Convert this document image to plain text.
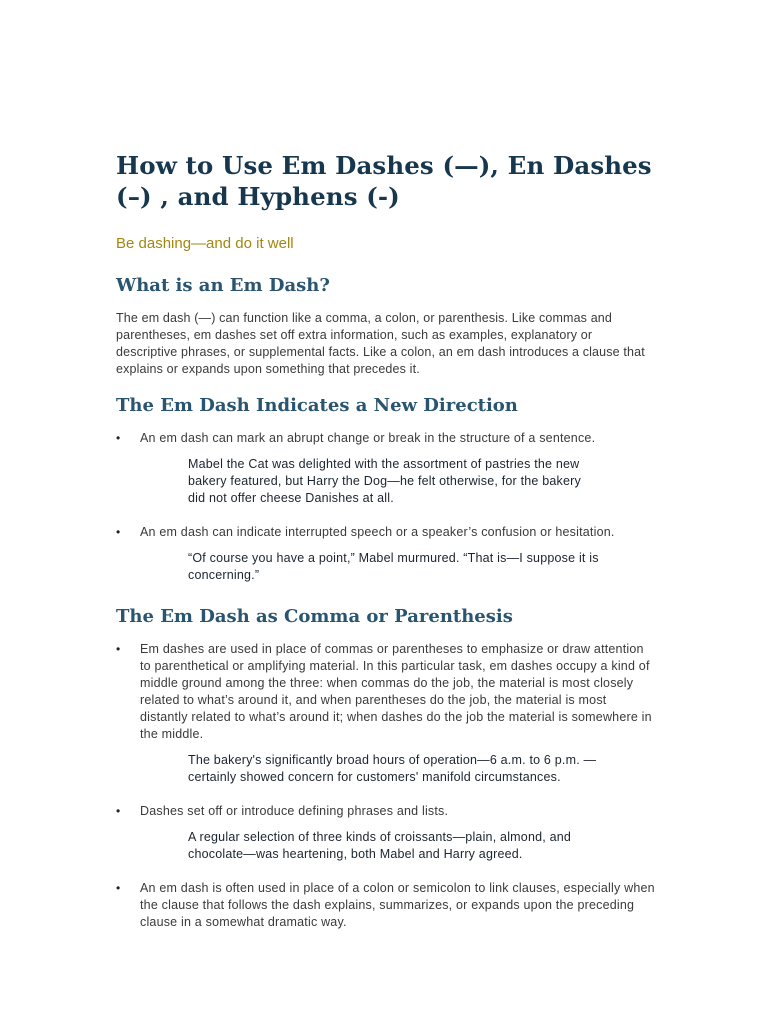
How to Use Em Dashes (—), En Dashes (–) , and Hyphens (-)

Be dashing—and do it well

What is an Em Dash?

The em dash (—) can function like a comma, a colon, or parenthesis. Like commas and parentheses, em dashes set off extra information, such as examples, explanatory or descriptive phrases, or supplemental facts. Like a colon, an em dash introduces a clause that explains or expands upon something that precedes it.

The Em Dash Indicates a New Direction
• An em dash can mark an abrupt change or break in the structure of a sentence.
Mabel the Cat was delighted with the assortment of pastries the new bakery featured, but Harry the Dog—he felt otherwise, for the bakery did not offer cheese Danishes at all.
• An em dash can indicate interrupted speech or a speaker’s confusion or hesitation.
“Of course you have a point,” Mabel murmured. “That is—I suppose it is concerning.”
The Em Dash as Comma or Parenthesis
• Em dashes are used in place of commas or parentheses to emphasize or draw attention to parenthetical or amplifying material. In this particular task, em dashes occupy a kind of middle ground among the three: when commas do the job, the material is most closely related to what’s around it, and when parentheses do the job, the material is most distantly related to what’s around it; when dashes do the job the material is somewhere in the middle.
The bakery's significantly broad hours of operation—6 a.m. to 6 p.m. —certainly showed concern for customers' manifold circumstances.
• Dashes set off or introduce defining phrases and lists.
A regular selection of three kinds of croissants—plain, almond, and chocolate—was heartening, both Mabel and Harry agreed.
• An em dash is often used in place of a colon or semicolon to link clauses, especially when the clause that follows the dash explains, summarizes, or expands upon the preceding clause in a somewhat dramatic way.
